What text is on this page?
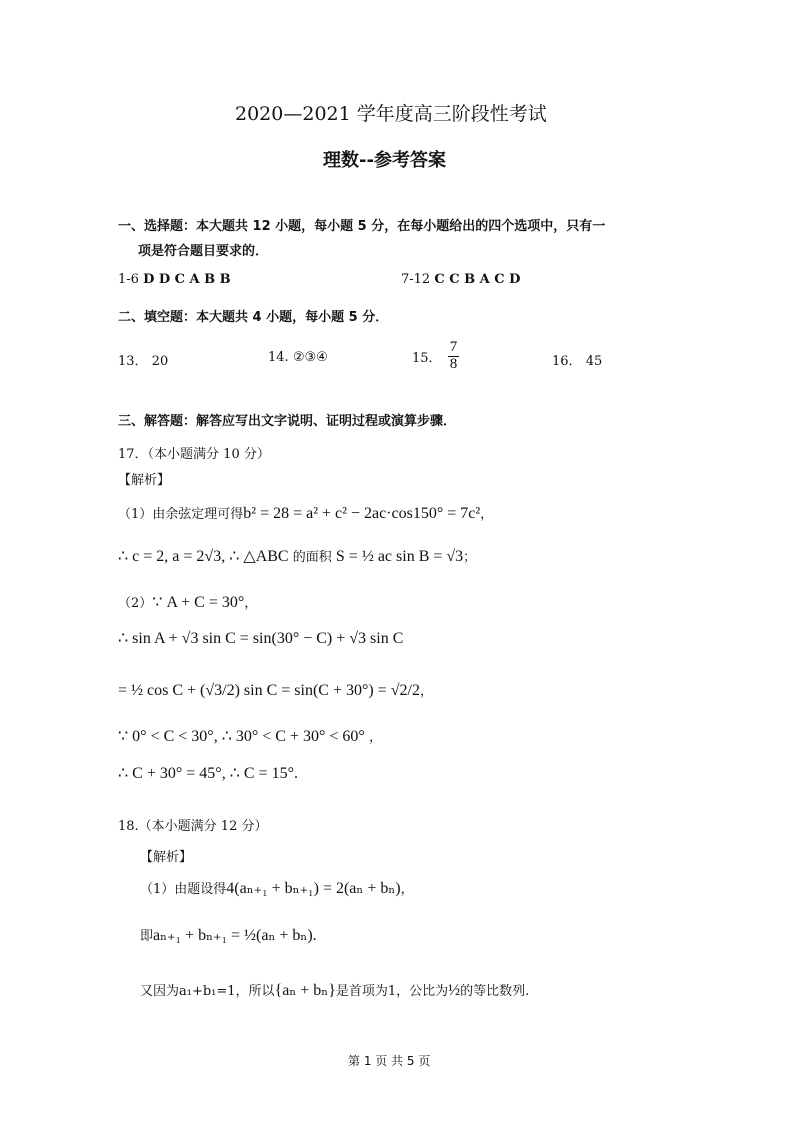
2020—2021 学年度高三阶段性考试
理数--参考答案
一、选择题：本大题共 12 小题，每小题 5 分，在每小题给出的四个选项中，只有一
项是符合题目要求的．
1-6 D D C A B B	7-12 C C B A C D
二、填空题：本大题共 4 小题，每小题 5 分．
13． 20	14. ②③④	15． $\frac{7}{8}$	16． 45
三、解答题：解答应写出文字说明、证明过程或演算步骤．
17．（本小题满分 10 分）
【解析】
（1）由余弦定理可得b² = 28 = a² + c² − 2ac·cos150° = 7c²，
∴ c = 2, a = 2√3, ∴ △ABC 的面积 S = ½ ac sin B = √3；
（2）∵ A + C = 30°，
∴ sin A + √3 sin C = sin(30° − C) + √3 sin C
= ½ cos C + (√3/2) sin C = sin(C + 30°) = √2/2，
∵ 0° < C < 30°, ∴ 30° < C + 30° < 60° ，
∴ C + 30° = 45°, ∴ C = 15°.
18.（本小题满分 12 分）
【解析】
（1）由题设得4(aₙ₊₁ + bₙ₊₁) = 2(aₙ + bₙ)，
即aₙ₊₁ + bₙ₊₁ = ½(aₙ + bₙ).
又因为a₁+b₁=1，所以{aₙ + bₙ}是首项为1，公比为½的等比数列.
第 1 页 共 5 页
